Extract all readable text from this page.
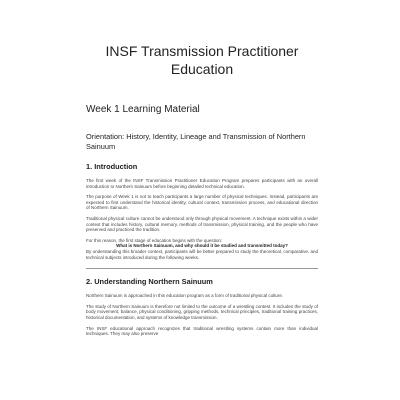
INSF Transmission Practitioner
Education
Week 1 Learning Material
Orientation: History, Identity, Lineage and Transmission of Northern Sainuum
1. Introduction

The first week of the INSF Transmission Practitioner Education Program prepares participants with an overall introduction to Northern Sainuum before beginning detailed technical education.

The purpose of Week 1 is not to teach participants a large number of physical techniques. Instead, participants are expected to first understand the historical identity, cultural context, transmission process, and educational direction of Northern Sainuum.

Traditional physical culture cannot be understood only through physical movement. A technique exists within a wider context that includes history, cultural memory, methods of transmission, physical training, and the people who have preserved and practiced the tradition.

For this reason, the first stage of education begins with the question:

What is Northern Sainuum, and why should it be studied and transmitted today?

By understanding this broader context, participants will be better prepared to study the theoretical, comparative, and technical subjects introduced during the following weeks.

2. Understanding Northern Sainuum

Northern Sainuum is approached in this education program as a form of traditional physical culture.

The study of Northern Sainuum is therefore not limited to the outcome of a wrestling contest. It includes the study of body movement, balance, physical conditioning, gripping methods, technical principles, traditional training practices, historical documentation, and systems of knowledge transmission.

The INSF educational approach recognizes that traditional wrestling systems contain more than individual techniques. They may also preserve
